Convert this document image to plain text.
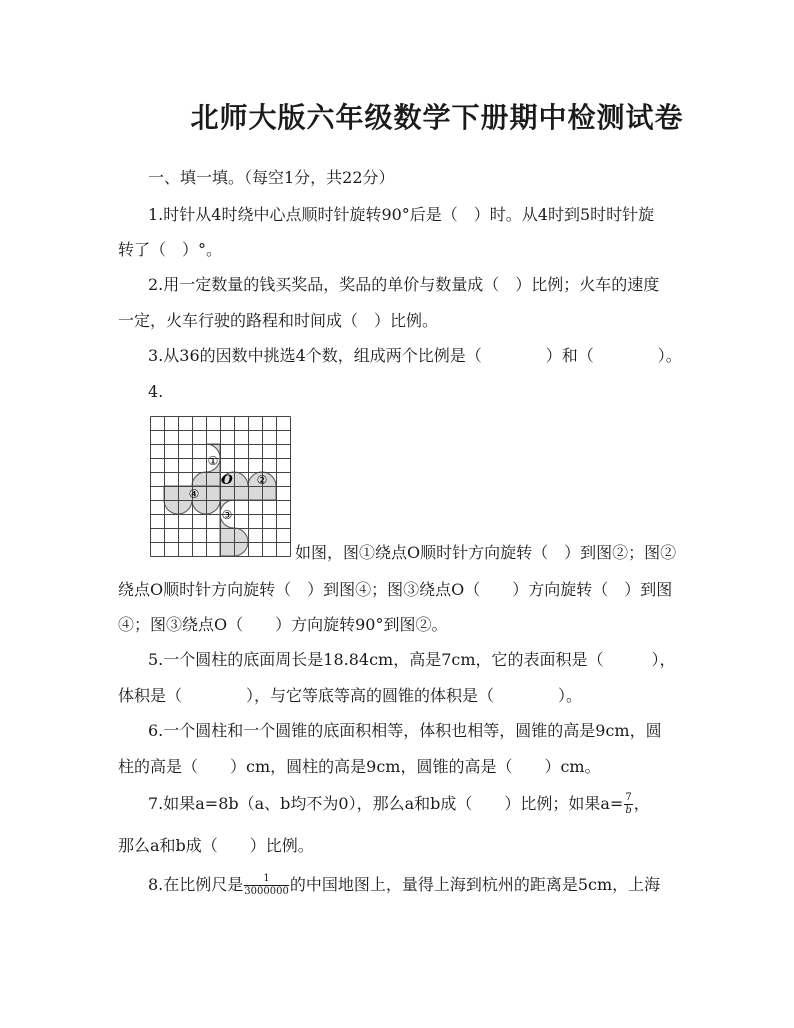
北师大版六年级数学下册期中检测试卷
一、填一填。（每空1分，共22分）
1.时针从4时绕中心点顺时针旋转90°后是（　）时。从4时到5时时针旋
转了（　）°。
2.用一定数量的钱买奖品，奖品的单价与数量成（　）比例；火车的速度
一定，火车行驶的路程和时间成（　）比例。
3.从36的因数中挑选4个数，组成两个比例是（　　　　）和（　　　　）。
4.
①
②
③
④
O
如图，图①绕点O顺时针方向旋转（　）到图②；图②
绕点O顺时针方向旋转（　）到图④；图③绕点O（　　）方向旋转（　）到图
④；图③绕点O（　　）方向旋转90°到图②。
5.一个圆柱的底面周长是18.84cm，高是7cm，它的表面积是（　　　），
体积是（　　　　），与它等底等高的圆锥的体积是（　　　　）。
6.一个圆柱和一个圆锥的底面积相等，体积也相等，圆锥的高是9cm，圆
柱的高是（　　）cm，圆柱的高是9cm，圆锥的高是（　　）cm。
7.如果a=8b（a、b均不为0），那么a和b成（　　）比例；如果$a= \frac{7}{b}$ ，
那么a和b成（　　）比例。
8.在比例尺是 $\frac{1}{3000000}$ 的中国地图上，量得上海到杭州的距离是5cm，上海
